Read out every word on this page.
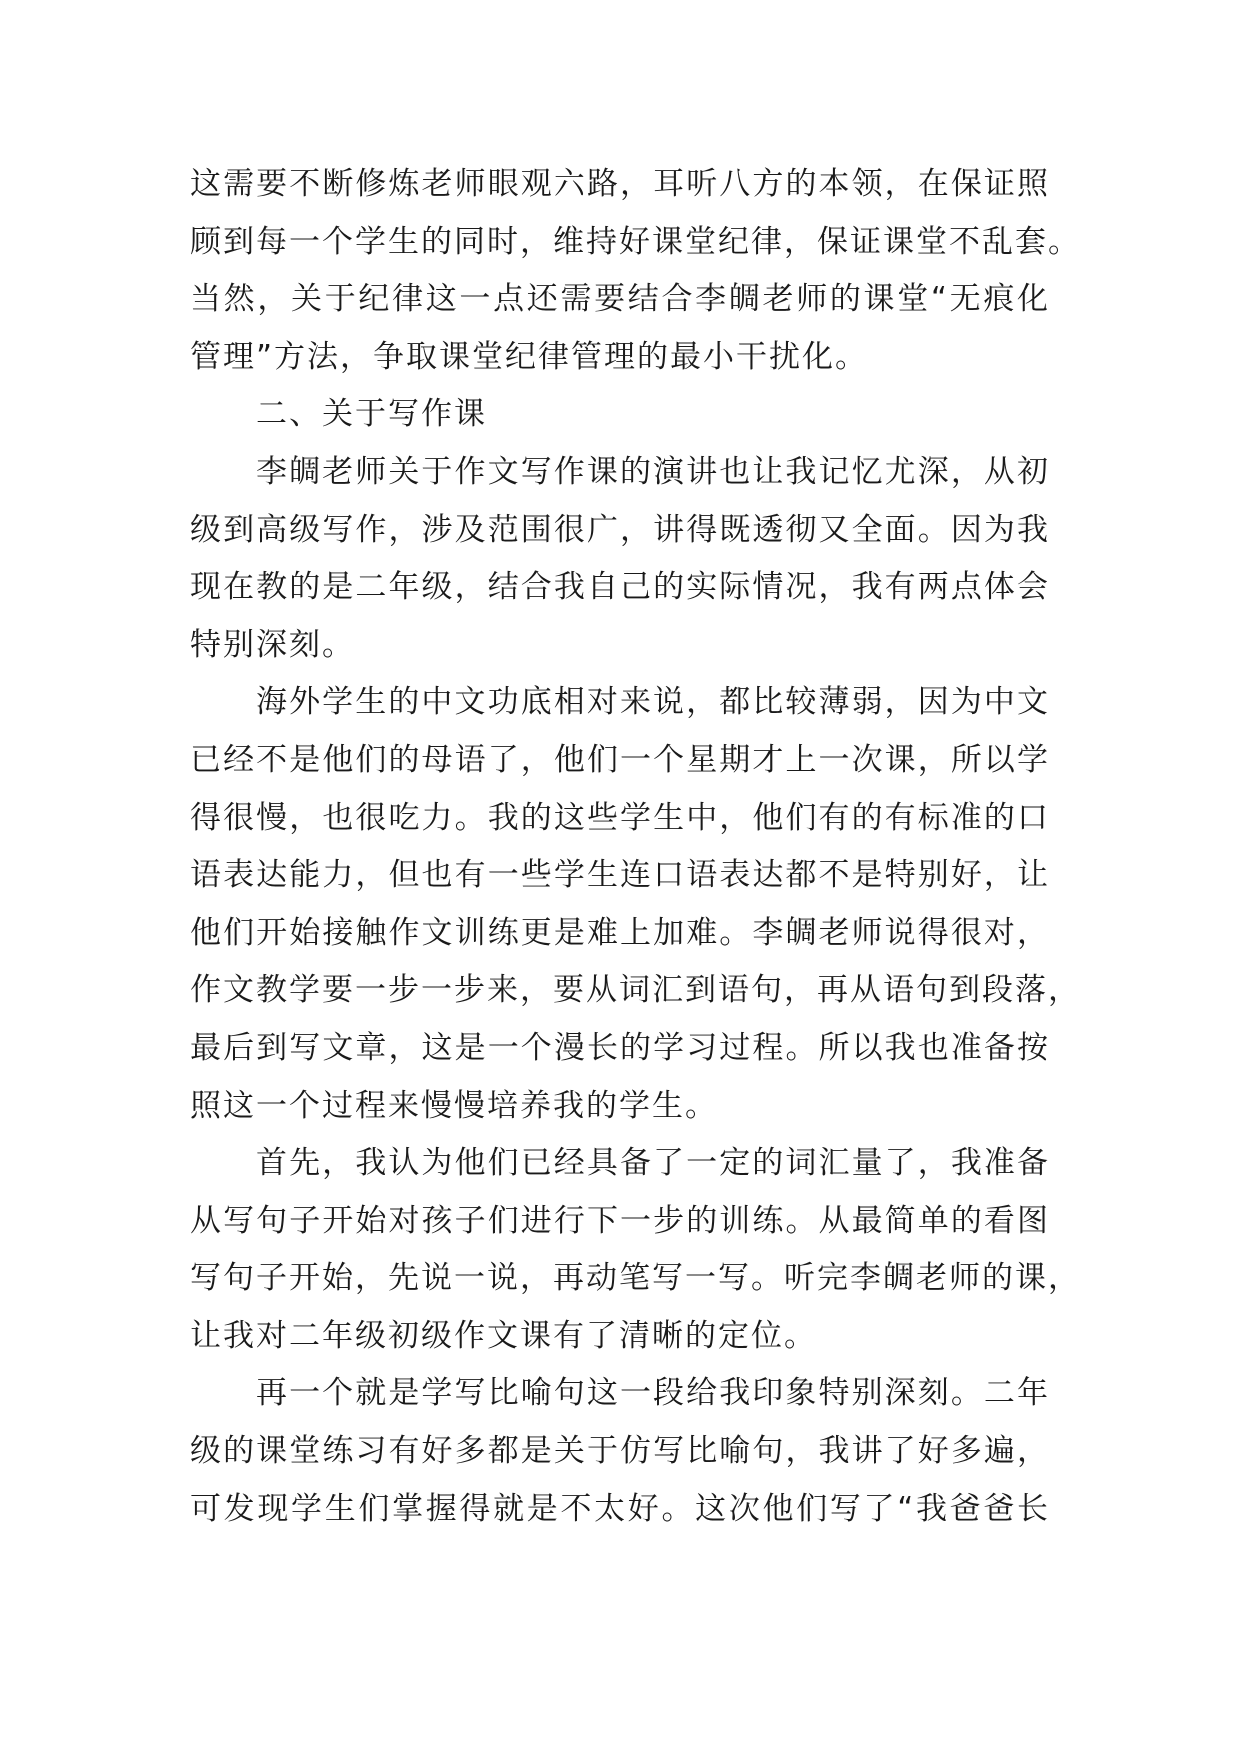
这需要不断修炼老师眼观六路，耳听八方的本领，在保证照
顾到每一个学生的同时，维持好课堂纪律，保证课堂不乱套。
当然，关于纪律这一点还需要结合李皗老师的课堂“无痕化
管理”方法，争取课堂纪律管理的最小干扰化。
二、关于写作课
李皗老师关于作文写作课的演讲也让我记忆尤深，从初
级到高级写作，涉及范围很广，讲得既透彻又全面。因为我
现在教的是二年级，结合我自己的实际情况，我有两点体会
特别深刻。
海外学生的中文功底相对来说，都比较薄弱，因为中文
已经不是他们的母语了，他们一个星期才上一次课，所以学
得很慢，也很吃力。我的这些学生中，他们有的有标准的口
语表达能力，但也有一些学生连口语表达都不是特别好，让
他们开始接触作文训练更是难上加难。李皗老师说得很对，
作文教学要一步一步来，要从词汇到语句，再从语句到段落，
最后到写文章，这是一个漫长的学习过程。所以我也准备按
照这一个过程来慢慢培养我的学生。
首先，我认为他们已经具备了一定的词汇量了，我准备
从写句子开始对孩子们进行下一步的训练。从最简单的看图
写句子开始，先说一说，再动笔写一写。听完李皗老师的课，
让我对二年级初级作文课有了清晰的定位。
再一个就是学写比喻句这一段给我印象特别深刻。二年
级的课堂练习有好多都是关于仿写比喻句，我讲了好多遍，
可发现学生们掌握得就是不太好。这次他们写了“我爸爸长
